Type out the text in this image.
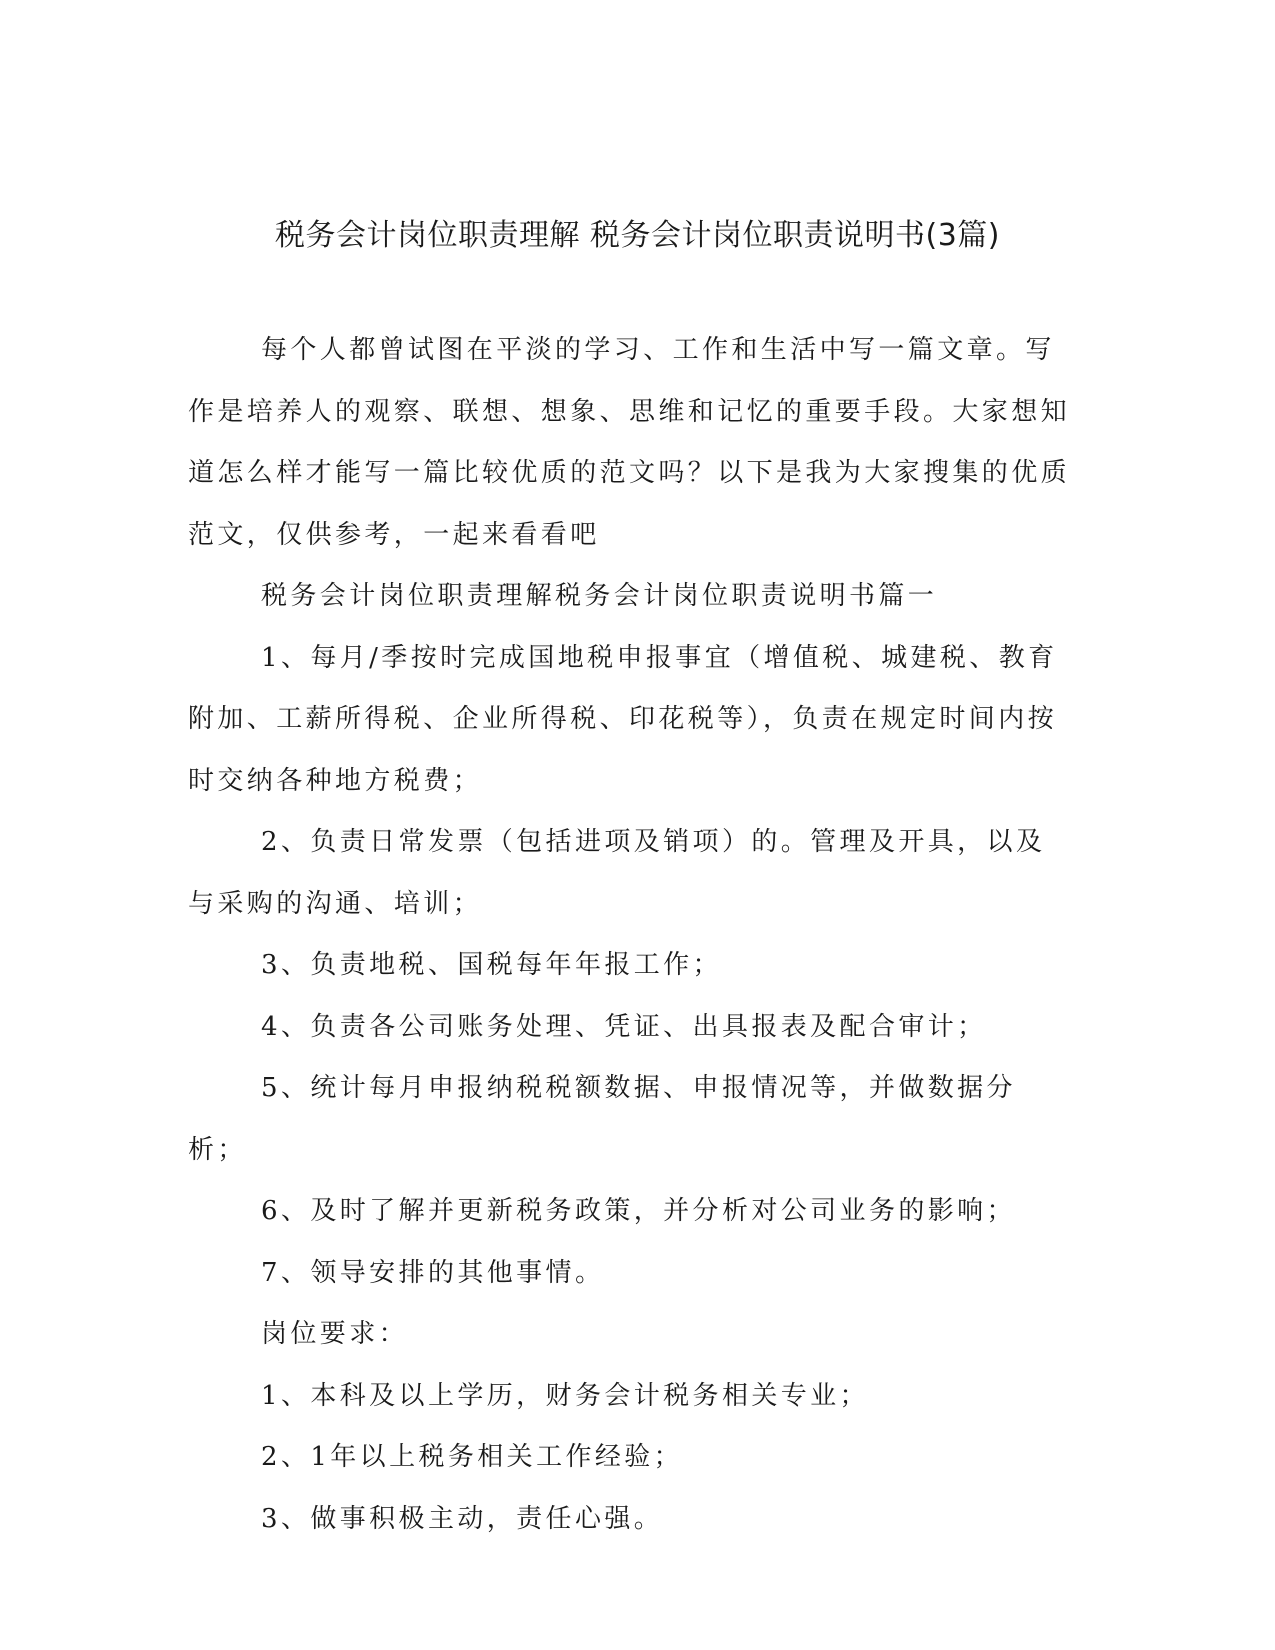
税务会计岗位职责理解 税务会计岗位职责说明书(3篇)

每个人都曾试图在平淡的学习、工作和生活中写一篇文章。写作是培养人的观察、联想、想象、思维和记忆的重要手段。大家想知道怎么样才能写一篇比较优质的范文吗？以下是我为大家搜集的优质范文，仅供参考，一起来看看吧

税务会计岗位职责理解税务会计岗位职责说明书篇一

1、每月/季按时完成国地税申报事宜（增值税、城建税、教育附加、工薪所得税、企业所得税、印花税等），负责在规定时间内按时交纳各种地方税费；

2、负责日常发票（包括进项及销项）的。管理及开具，以及与采购的沟通、培训；

3、负责地税、国税每年年报工作；

4、负责各公司账务处理、凭证、出具报表及配合审计；

5、统计每月申报纳税税额数据、申报情况等，并做数据分析；

6、及时了解并更新税务政策，并分析对公司业务的影响；

7、领导安排的其他事情。

岗位要求：

1、本科及以上学历，财务会计税务相关专业；

2、1年以上税务相关工作经验；

3、做事积极主动，责任心强。
